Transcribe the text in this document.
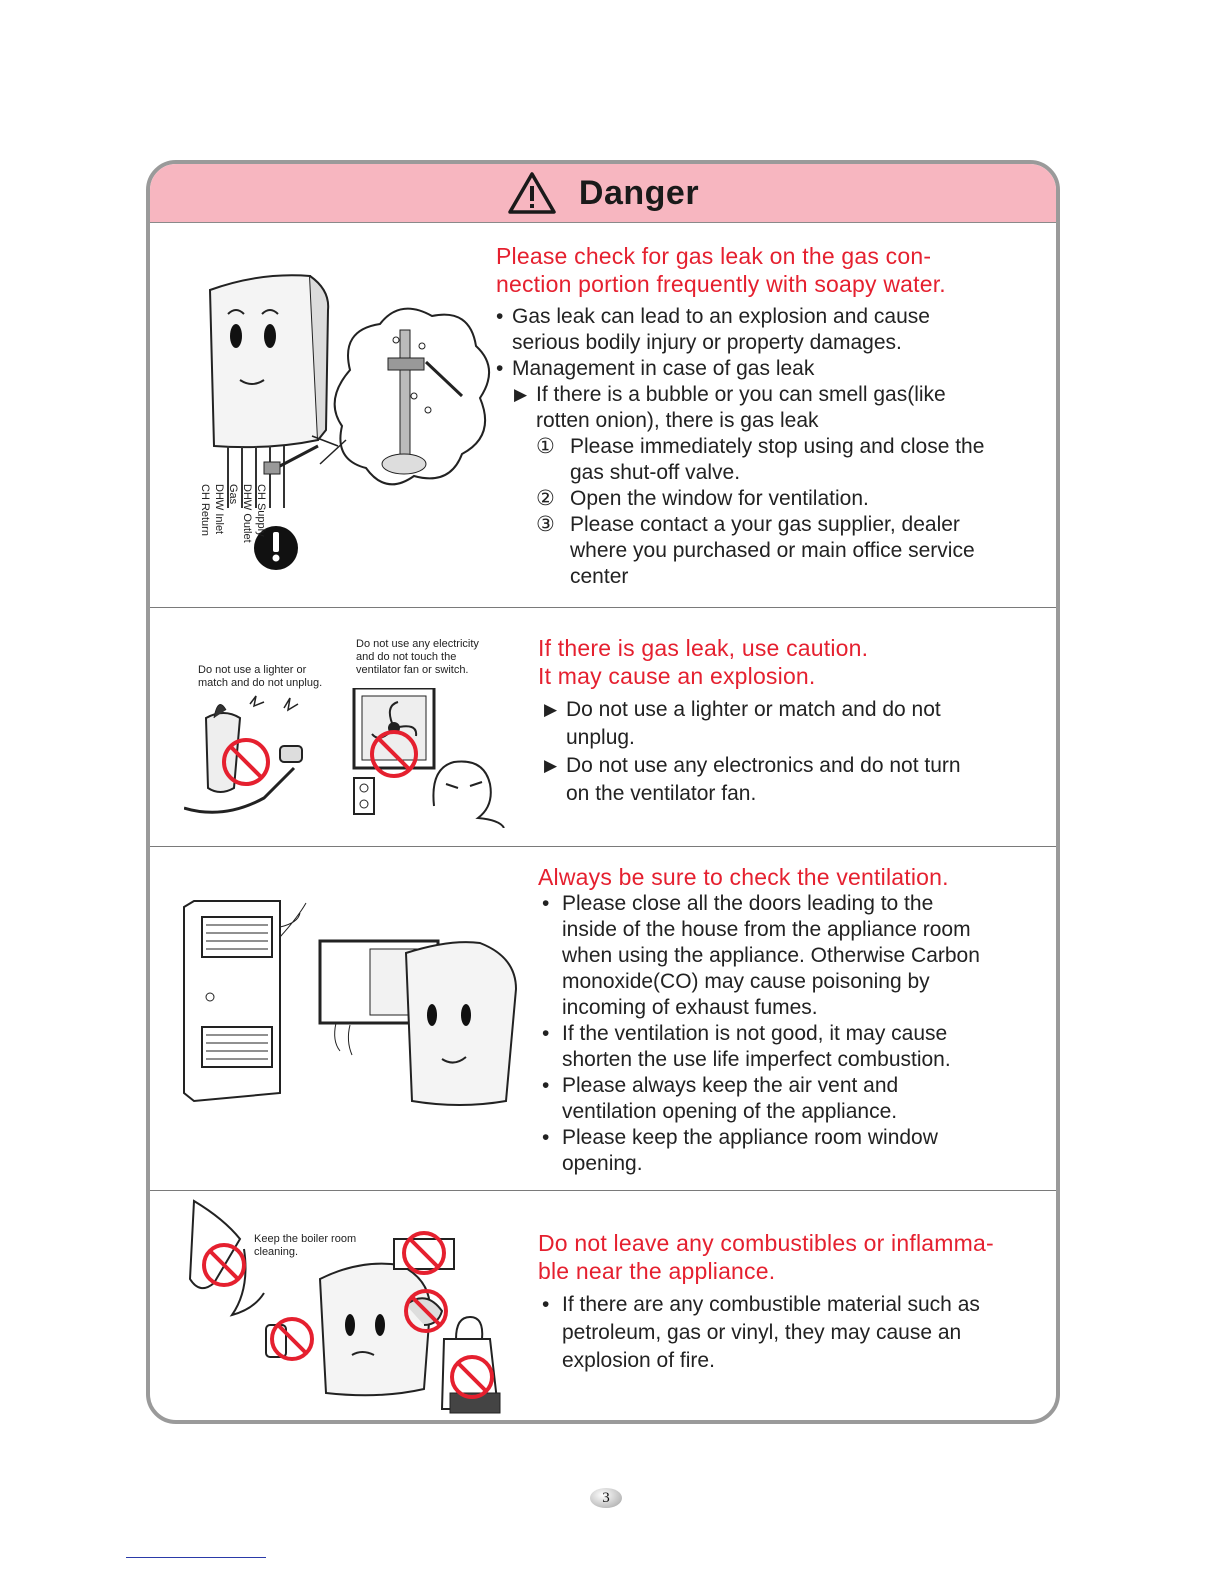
Danger
CH Supply
DHW Outlet
Gas
DHW Inlet
CH Return
Please check for gas leak on the gas con-
nection portion frequently with soapy water.
• Gas leak can lead to an explosion and cause
serious bodily injury or property damages.
• Management in case of gas leak
▶ If there is a bubble or you can smell gas(like
rotten onion), there is gas leak
① Please immediately stop using and close the
gas shut-off valve.
② Open the window for ventilation.
③ Please contact a your gas supplier, dealer
where you purchased or main office service
center
Do not use a lighter or
match and do not unplug.
Do not use any electricity
and do not touch the
ventilator fan or switch.
If there is gas leak, use caution.
It may cause an explosion.
▶ Do not use a lighter or match and do not
unplug.
▶ Do not use any electronics and do not turn
on the ventilator fan.
Always be sure to check the ventilation.
• Please close all the doors leading to the
inside of the house from the appliance room
when using the appliance. Otherwise Carbon
monoxide(CO) may cause poisoning by
incoming of exhaust fumes.
• If the ventilation is not good, it may cause
shorten the use life imperfect combustion.
• Please always keep the air vent and
ventilation opening of the appliance.
• Please keep the appliance room window
opening.
Keep the boiler room
cleaning.	Do not leave any combustibles or inflamma-
ble near the appliance.
• If there are any combustible material such as
petroleum, gas or vinyl, they may cause an
explosion of fire.
3
